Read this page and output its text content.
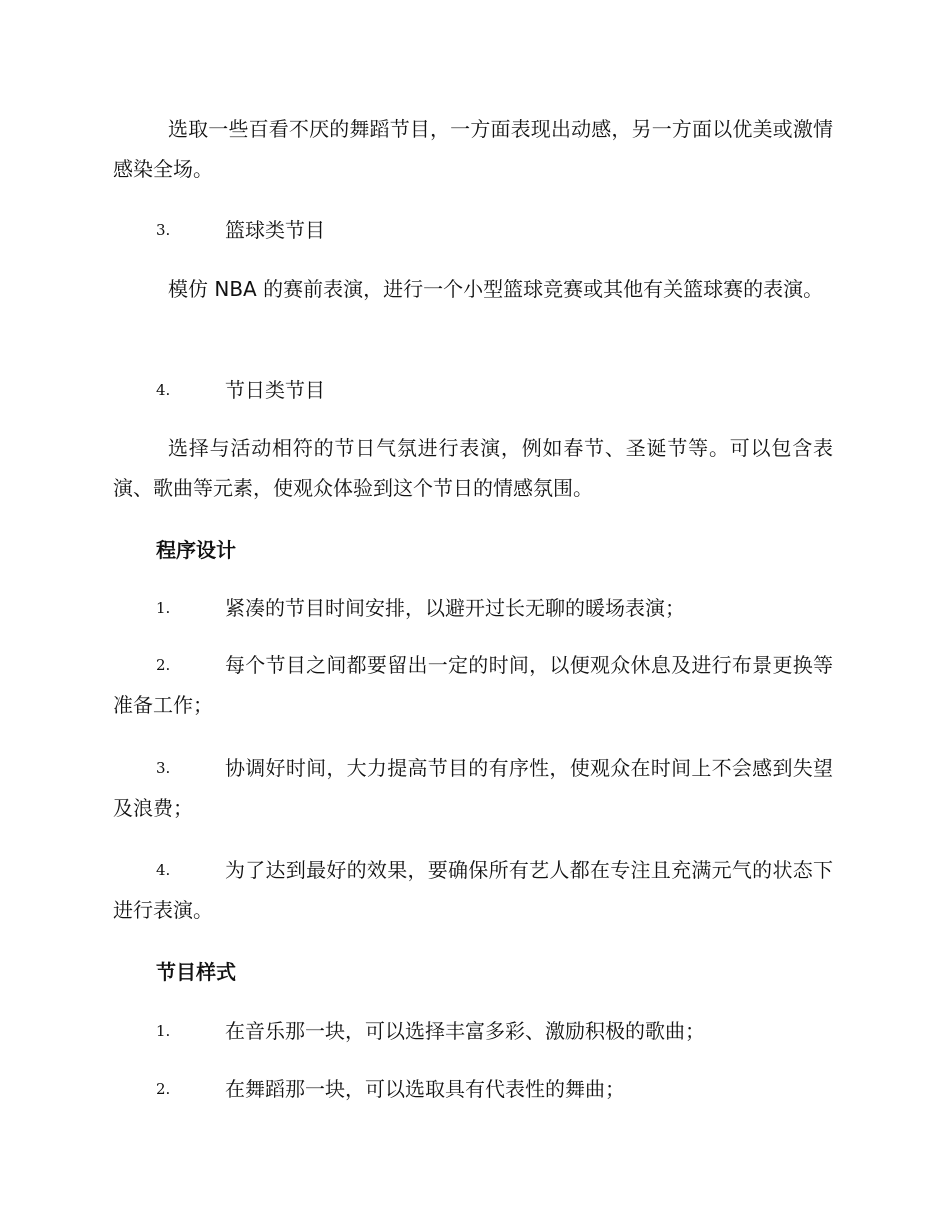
选取一些百看不厌的舞蹈节目，一方面表现出动感，另一方面以优美或激情感染全场。

3.	篮球类节目

模仿 NBA 的赛前表演，进行一个小型篮球竞赛或其他有关篮球赛的表演。

4.	节日类节目

选择与活动相符的节日气氛进行表演，例如春节、圣诞节等。可以包含表演、歌曲等元素，使观众体验到这个节日的情感氛围。

程序设计
1.	紧凑的节目时间安排，以避开过长无聊的暖场表演；
2.	每个节目之间都要留出一定的时间，以便观众休息及进行布景更换等准备工作；
3.	协调好时间，大力提高节目的有序性，使观众在时间上不会感到失望及浪费；
4.	为了达到最好的效果，要确保所有艺人都在专注且充满元气的状态下进行表演。
节目样式
1.	在音乐那一块，可以选择丰富多彩、激励积极的歌曲；
2.	在舞蹈那一块，可以选取具有代表性的舞曲；
